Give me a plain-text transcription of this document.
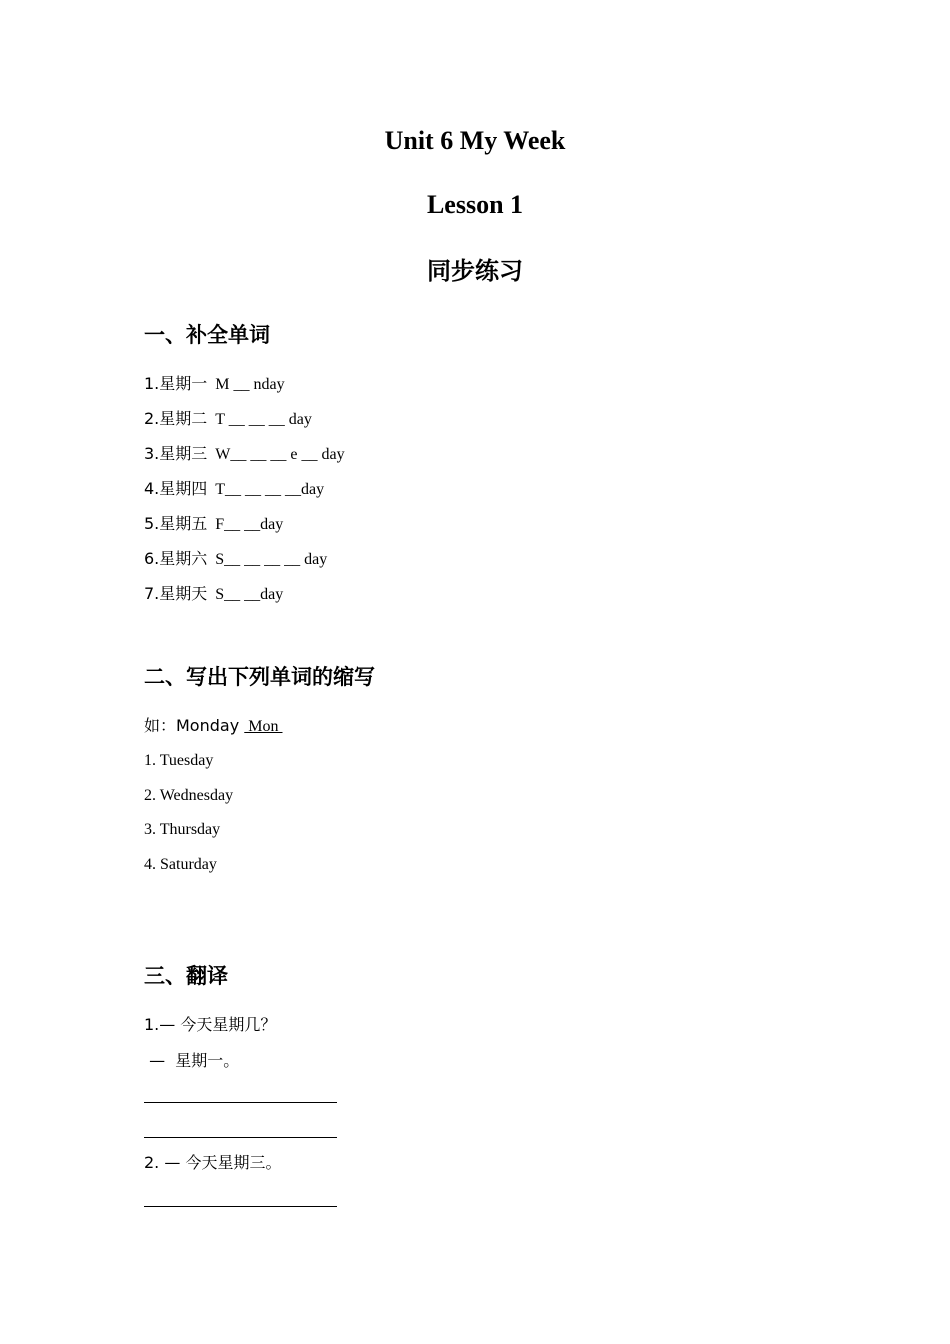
Unit 6 My Week
Lesson 1
同步练习
一、补全单词
1.星期一 M __ nday
2.星期二 T __ __ __ day
3.星期三 W__ __ __ e __ day
4.星期四 T__ __ __ __day
5.星期五 F__ __day
6.星期六 S__ __ __ __ day
7.星期天 S__ __day
二、写出下列单词的缩写
如：Monday  Mon
1. Tuesday
2. Wednesday
3. Thursday
4. Saturday
三、翻译
1.— 今天星期几？
—  星期一。
2. — 今天星期三。
